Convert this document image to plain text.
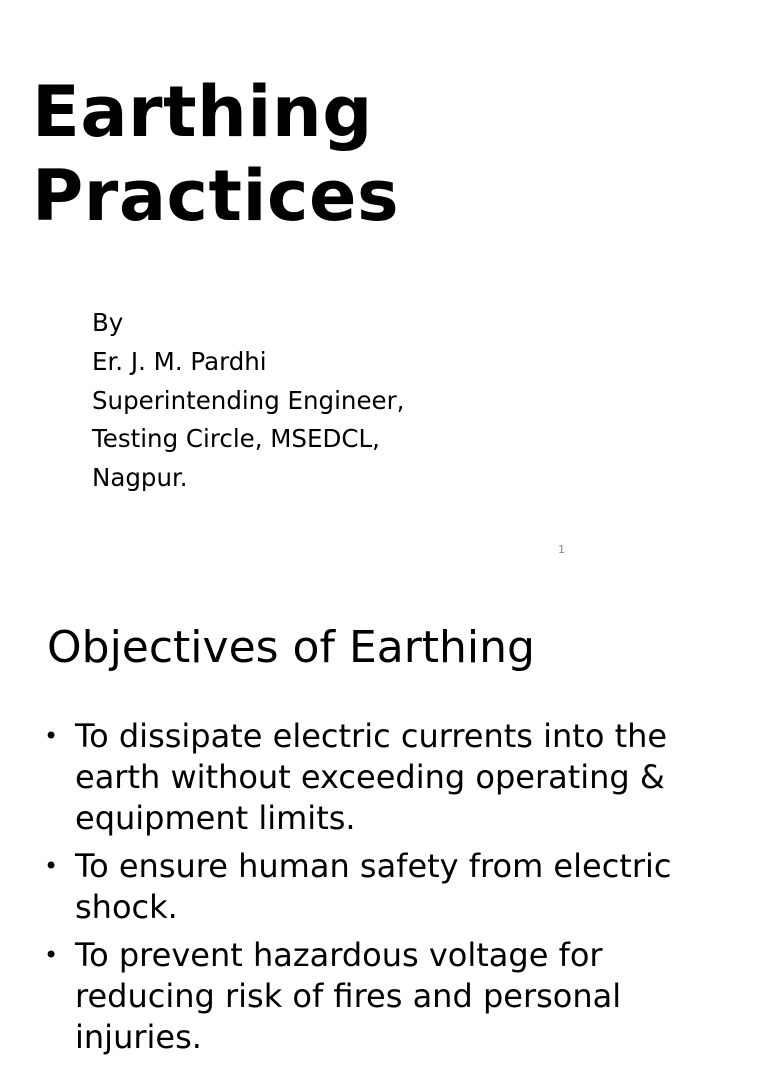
Earthing
Practices
By
Er. J. M. Pardhi
Superintending Engineer,
Testing Circle, MSEDCL,
Nagpur.
1
Objectives of Earthing
• To dissipate electric currents into the earth without exceeding operating & equipment limits.
• To ensure human safety from electric shock.
• To prevent hazardous voltage for reducing risk of fires and personal injuries.
